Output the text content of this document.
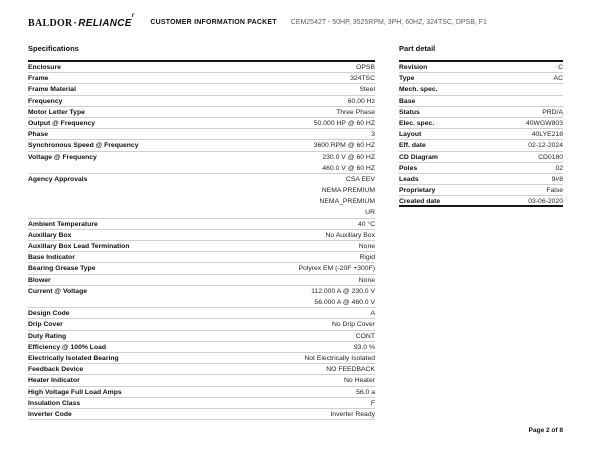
$BALDOR\cdot RELIANCE^r$
CUSTOMER INFORMATION PACKET CEM2542T - 50HP, 3525RPM, 3PH, 60HZ, 324TSC, DPSB, F1
Specifications
Enclosure	OPSB
Frame	324TSC
Frame Material	Steel
Frequency	60.00 Hz
Motor Letter Type	Three Phase
Output @ Frequency	50.000 HP @ 60 HZ
Phase	3
Synchronous Speed @ Frequency	3600 RPM @ 60 HZ
Voltage @ Frequency	230.0 V @ 60 HZ
460.0 V @ 60 HZ
Agency Approvals	CSA EEV
NEMA PREMIUM
NEMA_PREMIUM
UR
Ambient Temperature	40 °C
Auxillary Box	No Auxillary Box
Auxillary Box Lead Termination	None
Base Indicator	Rigid
Bearing Grease Type	Polyrex EM (-20F +300F)
Blower	None
Current @ Voltage	112.000 A @ 230.0 V
56.000 A @ 460.0 V
Design Code	A
Drip Cover	No Drip Cover
Duty Rating	CONT
Efficiency @ 100% Load	93.0 %
Electrically Isolated Bearing	Not Electrically Isolated
Feedback Device	NO FEEDBACK
Heater Indicator	No Heater
High Voltage Full Load Amps	56.0 a
Insulation Class	F
Inverter Code	Inverter Ready
Part detail
Revision	C
Type	AC
Mech. spec.
Base
Status	PRD/A
Elec. spec.	40WGW803
Layout	40LYE218
Eff. date	02-12-2024
CD Diagram	CD0180
Poles	02
Leads	9#8
Proprietary	False
Created date	03-06-2020
Page 2 of 8
